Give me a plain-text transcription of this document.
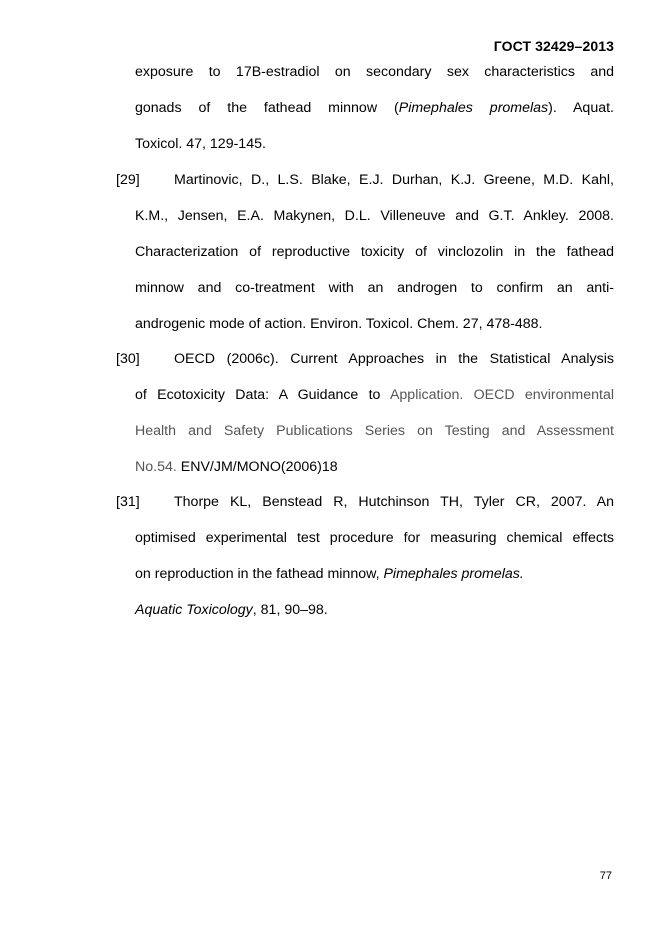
ГОСТ 32429–2013
exposure to 17B-estradiol on secondary sex characteristics and
gonads of the fathead minnow (Pimephales promelas). Aquat.
Toxicol. 47, 129-145.
[29] Martinovic, D., L.S. Blake, E.J. Durhan, K.J. Greene, M.D. Kahl,
K.M., Jensen, E.A. Makynen, D.L. Villeneuve and G.T. Ankley. 2008.
Characterization of reproductive toxicity of vinclozolin in the fathead
minnow and co-treatment with an androgen to confirm an anti-
androgenic mode of action. Environ. Toxicol. Chem. 27, 478-488.
[30] OECD (2006c). Current Approaches in the Statistical Analysis
of Ecotoxicity Data: A Guidance to Application. OECD environmental
Health and Safety Publications Series on Testing and Assessment
No.54. ENV/JM/MONO(2006)18
[31] Thorpe KL, Benstead R, Hutchinson TH, Tyler CR, 2007. An
optimised experimental test procedure for measuring chemical effects
on reproduction in the fathead minnow, Pimephales promelas.
Aquatic Toxicology, 81, 90–98.
77
